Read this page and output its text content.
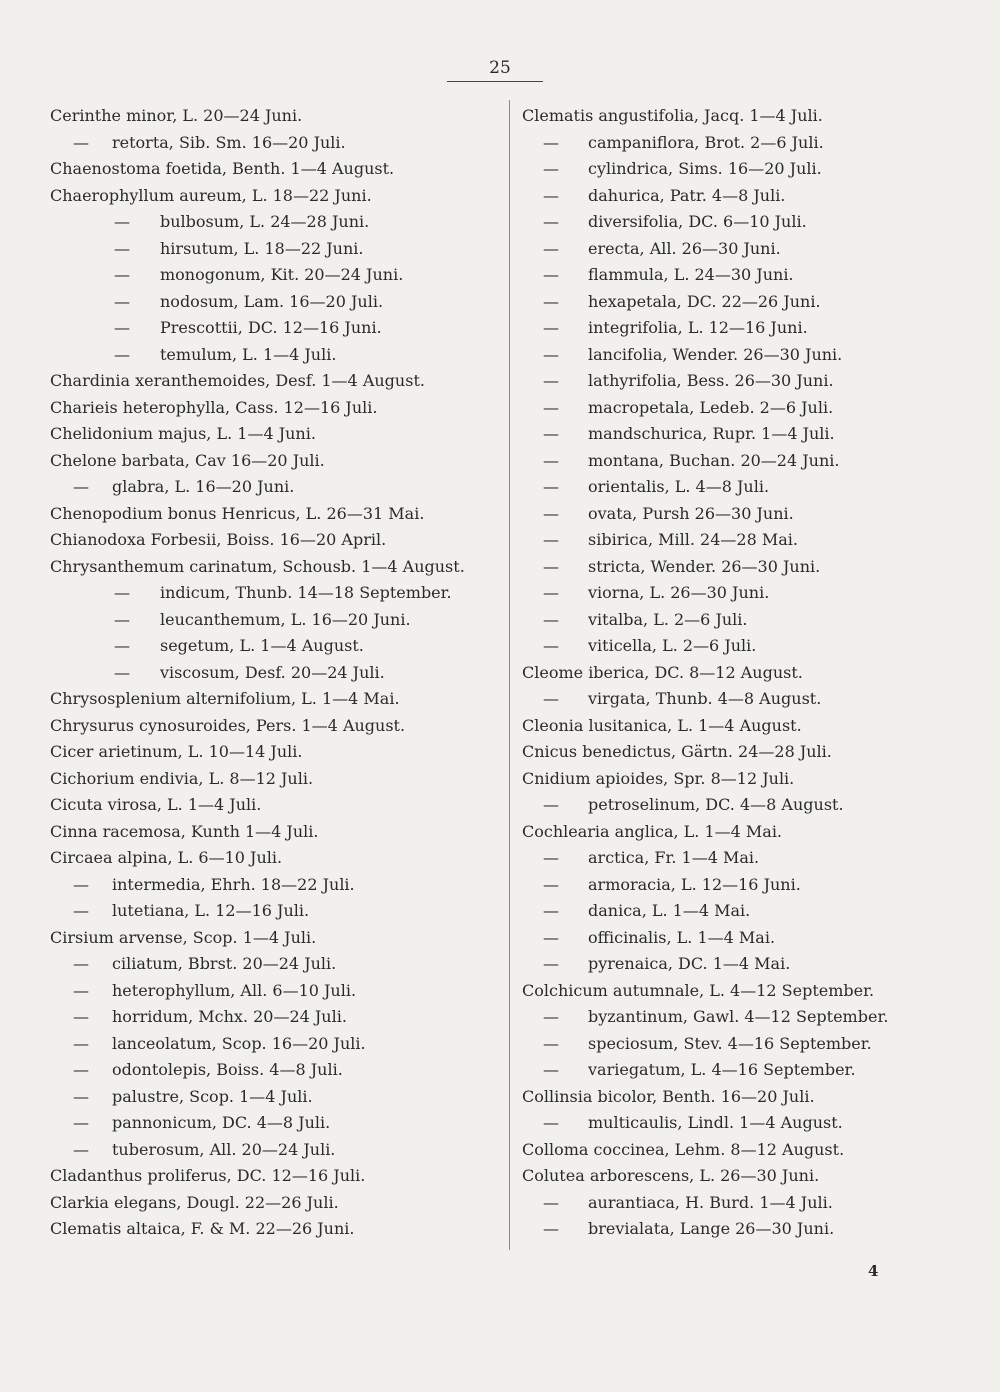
25
Cerinthe minor, L. 20—24 Juni.
—	retorta, Sib. Sm. 16—20 Juli.
Chaenostoma foetida, Benth. 1—4 August.
Chaerophyllum aureum, L. 18—22 Juni.
—	bulbosum, L. 24—28 Juni.
—	hirsutum, L. 18—22 Juni.
—	monogonum, Kit. 20—24 Juni.
—	nodosum, Lam. 16—20 Juli.
—	Prescottii, DC. 12—16 Juni.
—	temulum, L. 1—4 Juli.
Chardinia xeranthemoides, Desf. 1—4 August.
Charieis heterophylla, Cass. 12—16 Juli.
Chelidonium majus, L. 1—4 Juni.
Chelone barbata, Cav 16—20 Juli.
—	glabra, L. 16—20 Juni.
Chenopodium bonus Henricus, L. 26—31 Mai.
Chianodoxa Forbesii, Boiss. 16—20 April.
Chrysanthemum carinatum, Schousb. 1—4 August.
—	indicum, Thunb. 14—18 September.
—	leucanthemum, L. 16—20 Juni.
—	segetum, L. 1—4 August.
—	viscosum, Desf. 20—24 Juli.
Chrysosplenium alternifolium, L. 1—4 Mai.
Chrysurus cynosuroides, Pers. 1—4 August.
Cicer arietinum, L. 10—14 Juli.
Cichorium endivia, L. 8—12 Juli.
Cicuta virosa, L. 1—4 Juli.
Cinna racemosa, Kunth 1—4 Juli.
Circaea alpina, L. 6—10 Juli.
—	intermedia, Ehrh. 18—22 Juli.
—	lutetiana, L. 12—16 Juli.
Cirsium arvense, Scop. 1—4 Juli.
—	ciliatum, Bbrst. 20—24 Juli.
—	heterophyllum, All. 6—10 Juli.
—	horridum, Mchx. 20—24 Juli.
—	lanceolatum, Scop. 16—20 Juli.
—	odontolepis, Boiss. 4—8 Juli.
—	palustre, Scop. 1—4 Juli.
—	pannonicum, DC. 4—8 Juli.
—	tuberosum, All. 20—24 Juli.
Cladanthus proliferus, DC. 12—16 Juli.
Clarkia elegans, Dougl. 22—26 Juli.
Clematis altaica, F. & M. 22—26 Juni.
Clematis angustifolia, Jacq. 1—4 Juli.
—	campaniflora, Brot. 2—6 Juli.
—	cylindrica, Sims. 16—20 Juli.
—	dahurica, Patr. 4—8 Juli.
—	diversifolia, DC. 6—10 Juli.
—	erecta, All. 26—30 Juni.
—	flammula, L. 24—30 Juni.
—	hexapetala, DC. 22—26 Juni.
—	integrifolia, L. 12—16 Juni.
—	lancifolia, Wender. 26—30 Juni.
—	lathyrifolia, Bess. 26—30 Juni.
—	macropetala, Ledeb. 2—6 Juli.
—	mandschurica, Rupr. 1—4 Juli.
—	montana, Buchan. 20—24 Juni.
—	orientalis, L. 4—8 Juli.
—	ovata, Pursh 26—30 Juni.
—	sibirica, Mill. 24—28 Mai.
—	stricta, Wender. 26—30 Juni.
—	viorna, L. 26—30 Juni.
—	vitalba, L. 2—6 Juli.
—	viticella, L. 2—6 Juli.
Cleome iberica, DC. 8—12 August.
—	virgata, Thunb. 4—8 August.
Cleonia lusitanica, L. 1—4 August.
Cnicus benedictus, Gärtn. 24—28 Juli.
Cnidium apioides, Spr. 8—12 Juli.
—	petroselinum, DC. 4—8 August.
Cochlearia anglica, L. 1—4 Mai.
—	arctica, Fr. 1—4 Mai.
—	armoracia, L. 12—16 Juni.
—	danica, L. 1—4 Mai.
—	officinalis, L. 1—4 Mai.
—	pyrenaica, DC. 1—4 Mai.
Colchicum autumnale, L. 4—12 September.
—	byzantinum, Gawl. 4—12 September.
—	speciosum, Stev. 4—16 September.
—	variegatum, L. 4—16 September.
Collinsia bicolor, Benth. 16—20 Juli.
—	multicaulis, Lindl. 1—4 August.
Colloma coccinea, Lehm. 8—12 August.
Colutea arborescens, L. 26—30 Juni.
—	aurantiaca, H. Burd. 1—4 Juli.
—	brevialata, Lange 26—30 Juni.
4
